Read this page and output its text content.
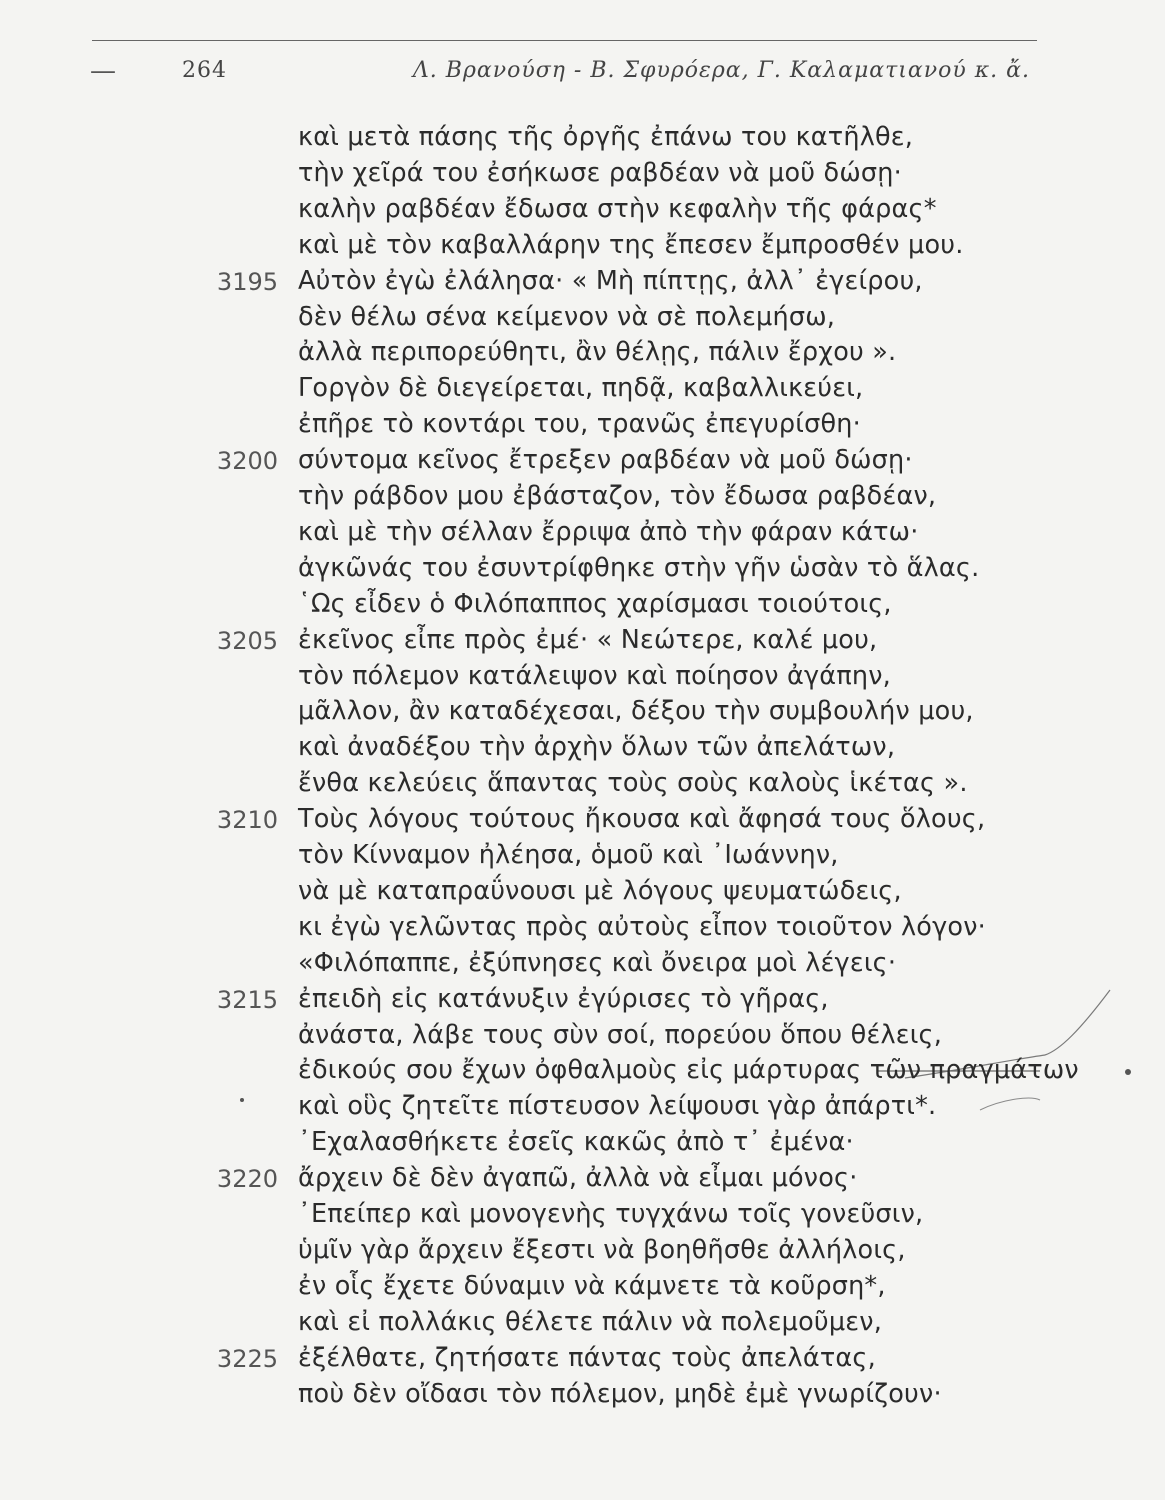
—	264	Λ. Βρανούση - Β. Σφυρόερα, Γ. Καλαματιανού κ. ἄ.
καὶ μετὰ πάσης τῆς ὀργῆς ἐπάνω του κατῆλθε,
τὴν χεῖρά του ἐσήκωσε ραβδέαν νὰ μοῦ δώσῃ·
καλὴν ραβδέαν ἔδωσα στὴν κεφαλὴν τῆς φάρας*
καὶ μὲ τὸν καβαλλάρην της ἔπεσεν ἔμπροσθέν μου.
3195 Αὐτὸν ἐγὼ ἐλάλησα· « Μὴ πίπτῃς, ἀλλ᾽ ἐγείρου,
δὲν θέλω σένα κείμενον νὰ σὲ πολεμήσω,
ἀλλὰ περιπορεύθητι, ἂν θέλῃς, πάλιν ἔρχου ».
Γοργὸν δὲ διεγείρεται, πηδᾷ, καβαλλικεύει,
ἐπῆρε τὸ κοντάρι του, τρανῶς ἐπεγυρίσθη·
3200 σύντομα κεῖνος ἔτρεξεν ραβδέαν νὰ μοῦ δώσῃ·
τὴν ράβδον μου ἐβάσταζον, τὸν ἔδωσα ραβδέαν,
καὶ μὲ τὴν σέλλαν ἔρριψα ἀπὸ τὴν φάραν κάτω·
ἀγκῶνάς του ἐσυντρίφθηκε στὴν γῆν ὡσὰν τὸ ἅλας.
῾Ως εἶδεν ὁ Φιλόπαππος χαρίσμασι τοιούτοις,
3205 ἐκεῖνος εἶπε πρὸς ἐμέ· « Νεώτερε, καλέ μου,
τὸν πόλεμον κατάλειψον καὶ ποίησον ἀγάπην,
μᾶλλον, ἂν καταδέχεσαι, δέξου τὴν συμβουλήν μου,
καὶ ἀναδέξου τὴν ἀρχὴν ὅλων τῶν ἀπελάτων,
ἔνθα κελεύεις ἅπαντας τοὺς σοὺς καλοὺς ἱκέτας ».
3210 Τοὺς λόγους τούτους ἤκουσα καὶ ἄφησά τους ὅλους,
τὸν Κίνναμον ἠλέησα, ὁμοῦ καὶ ᾿Ιωάννην,
νὰ μὲ καταπραΰνουσι μὲ λόγους ψευματώδεις,
κι ἐγὼ γελῶντας πρὸς αὐτοὺς εἶπον τοιοῦτον λόγον·
«Φιλόπαππε, ἐξύπνησες καὶ ὄνειρα μοὶ λέγεις·
3215 ἐπειδὴ εἰς κατάνυξιν ἐγύρισες τὸ γῆρας,
ἀνάστα, λάβε τους σὺν σοί, πορεύου ὅπου θέλεις,
ἐδικούς σου ἔχων ὀφθαλμοὺς εἰς μάρτυρας τῶν πραγμάτων
καὶ οὓς ζητεῖτε πίστευσον λείψουσι γὰρ ἀπάρτι*.
᾿Εχαλασθήκετε ἐσεῖς κακῶς ἀπὸ τ᾽ ἐμένα·
3220 ἄρχειν δὲ δὲν ἀγαπῶ, ἀλλὰ νὰ εἶμαι μόνος·
᾿Επείπερ καὶ μονογενὴς τυγχάνω τοῖς γονεῦσιν,
ὑμῖν γὰρ ἄρχειν ἔξεστι νὰ βοηθῆσθε ἀλλήλοις,
ἐν οἷς ἔχετε δύναμιν νὰ κάμνετε τὰ κοῦρση*,
καὶ εἰ πολλάκις θέλετε πάλιν νὰ πολεμοῦμεν,
3225 ἐξέλθατε, ζητήσατε πάντας τοὺς ἀπελάτας,
ποὺ δὲν οἴδασι τὸν πόλεμον, μηδὲ ἐμὲ γνωρίζουν·
